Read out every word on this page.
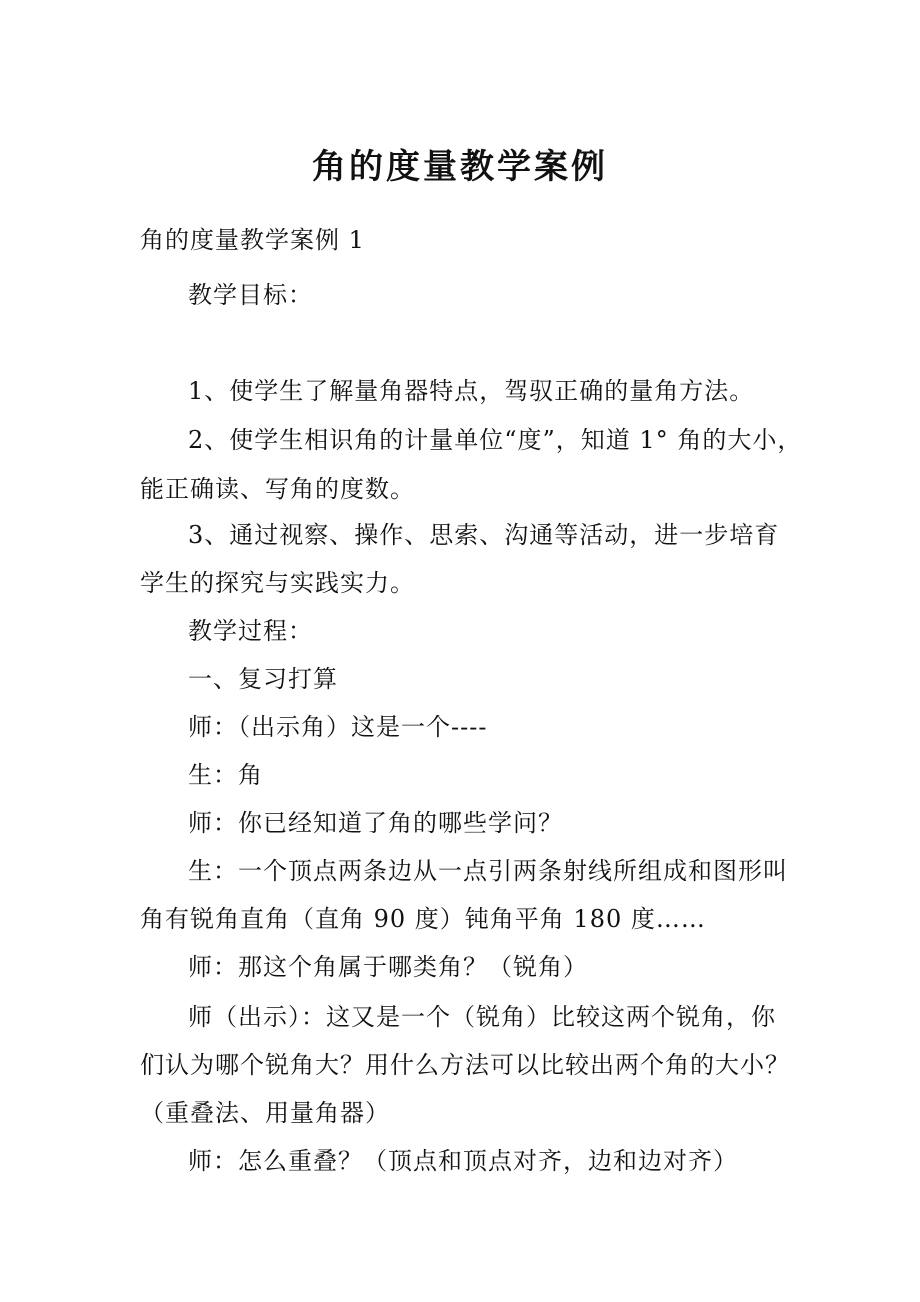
角的度量教学案例
角的度量教学案例 1
教学目标：
1、使学生了解量角器特点，驾驭正确的量角方法。
2、使学生相识角的计量单位“度”，知道 1° 角的大小，
能正确读、写角的度数。
3、通过视察、操作、思索、沟通等活动，进一步培育
学生的探究与实践实力。
教学过程：
一、复习打算
师：（出示角）这是一个----
生：角
师：你已经知道了角的哪些学问？
生：一个顶点两条边从一点引两条射线所组成和图形叫
角有锐角直角（直角 90 度）钝角平角 180 度……
师：那这个角属于哪类角？（锐角）
师（出示）：这又是一个（锐角）比较这两个锐角，你
们认为哪个锐角大？用什么方法可以比较出两个角的大小？
（重叠法、用量角器）
师：怎么重叠？（顶点和顶点对齐，边和边对齐）
